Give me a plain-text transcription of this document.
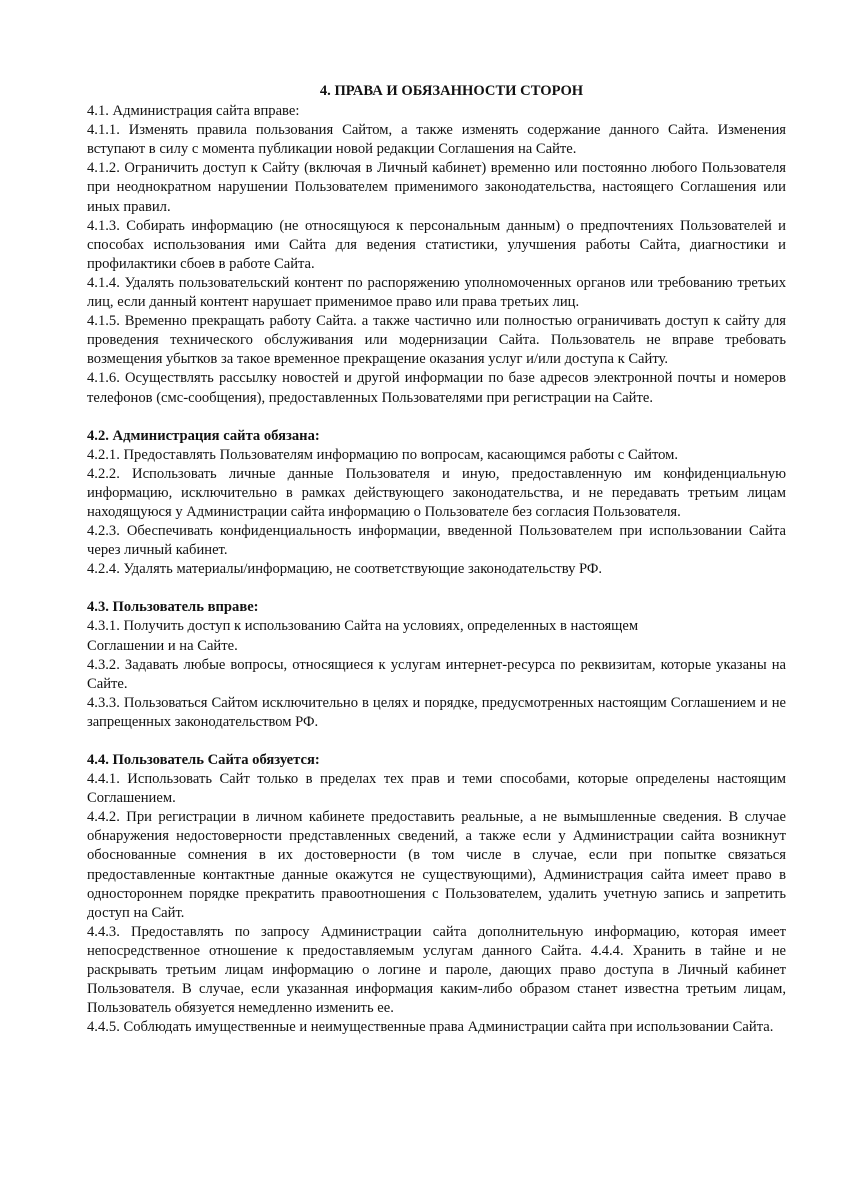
4. ПРАВА И ОБЯЗАННОСТИ СТОРОН
4.1. Администрация сайта вправе:
4.1.1. Изменять правила пользования Сайтом, а также изменять содержание данного Сайта. Изменения вступают в силу с момента публикации новой редакции Соглашения на Сайте.
4.1.2. Ограничить доступ к Сайту (включая в Личный кабинет) временно или постоянно любого Пользователя при неоднократном нарушении Пользователем применимого законодательства, настоящего Соглашения или иных правил.
4.1.3. Собирать информацию (не относящуюся к персональным данным) о предпочтениях Пользователей и способах использования ими Сайта для ведения статистики, улучшения работы Сайта, диагностики и профилактики сбоев в работе Сайта.
4.1.4. Удалять пользовательский контент по распоряжению уполномоченных органов или требованию третьих лиц, если данный контент нарушает применимое право или права третьих лиц.
4.1.5. Временно прекращать работу Сайта. а также частично или полностью ограничивать доступ к сайту для проведения технического обслуживания или модернизации Сайта. Пользователь не вправе требовать возмещения убытков за такое временное прекращение оказания услуг и/или доступа к Сайту.
4.1.6. Осуществлять рассылку новостей и другой информации по базе адресов электронной почты и номеров телефонов (смс-сообщения), предоставленных Пользователями при регистрации на Сайте.
4.2. Администрация сайта обязана:
4.2.1. Предоставлять Пользователям информацию по вопросам, касающимся работы с Сайтом.
4.2.2. Использовать личные данные Пользователя и иную, предоставленную им конфиденциальную информацию, исключительно в рамках действующего законодательства, и не передавать третьим лицам находящуюся у Администрации сайта информацию о Пользователе без согласия Пользователя.
4.2.3. Обеспечивать конфиденциальность информации, введенной Пользователем при использовании Сайта через личный кабинет.
4.2.4. Удалять материалы/информацию, не соответствующие законодательству РФ.
4.3. Пользователь вправе:
4.3.1. Получить доступ к использованию Сайта на условиях, определенных в настоящем
Соглашении и на Сайте.
4.3.2. Задавать любые вопросы, относящиеся к услугам интернет-ресурса по реквизитам, которые указаны на Сайте.
4.3.3. Пользоваться Сайтом исключительно в целях и порядке, предусмотренных настоящим Соглашением и не запрещенных законодательством РФ.
4.4. Пользователь Сайта обязуется:
4.4.1. Использовать Сайт только в пределах тех прав и теми способами, которые определены настоящим Соглашением.
4.4.2. При регистрации в личном кабинете предоставить реальные, а не вымышленные сведения. В случае обнаружения недостоверности представленных сведений, а также если у Администрации сайта возникнут обоснованные сомнения в их достоверности (в том числе в случае, если при попытке связаться предоставленные контактные данные окажутся не существующими), Администрация сайта имеет право в одностороннем порядке прекратить правоотношения с Пользователем, удалить учетную запись и запретить доступ на Сайт.
4.4.3. Предоставлять по запросу Администрации сайта дополнительную информацию, которая имеет непосредственное отношение к предоставляемым услугам данного Сайта. 4.4.4. Хранить в тайне и не раскрывать третьим лицам информацию о логине и пароле, дающих право доступа в Личный кабинет Пользователя. В случае, если указанная информация каким-либо образом станет известна третьим лицам, Пользователь обязуется немедленно изменить ее.
4.4.5. Соблюдать имущественные и неимущественные права Администрации сайта при использовании Сайта.
